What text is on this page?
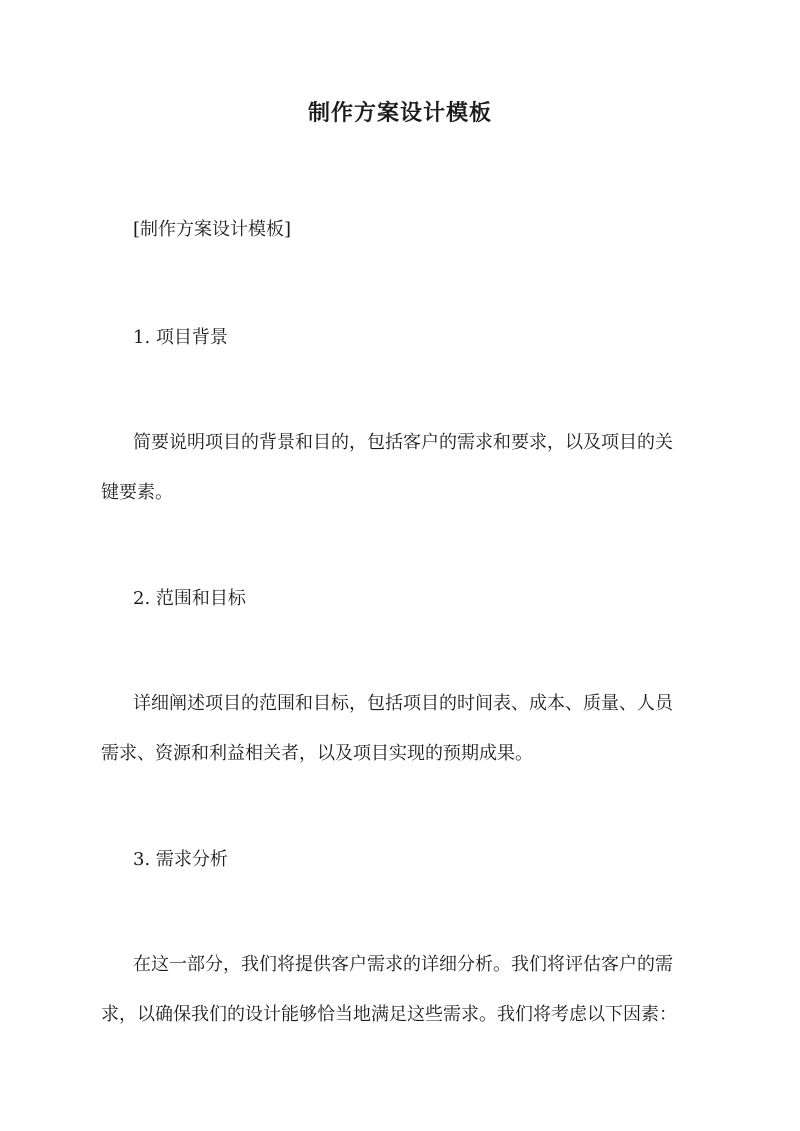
制作方案设计模板
[制作方案设计模板]
1. 项目背景
简要说明项目的背景和目的，包括客户的需求和要求，以及项目的关
键要素。
2. 范围和目标
详细阐述项目的范围和目标，包括项目的时间表、成本、质量、人员
需求、资源和利益相关者，以及项目实现的预期成果。
3. 需求分析
在这一部分，我们将提供客户需求的详细分析。我们将评估客户的需
求，以确保我们的设计能够恰当地满足这些需求。我们将考虑以下因素：
